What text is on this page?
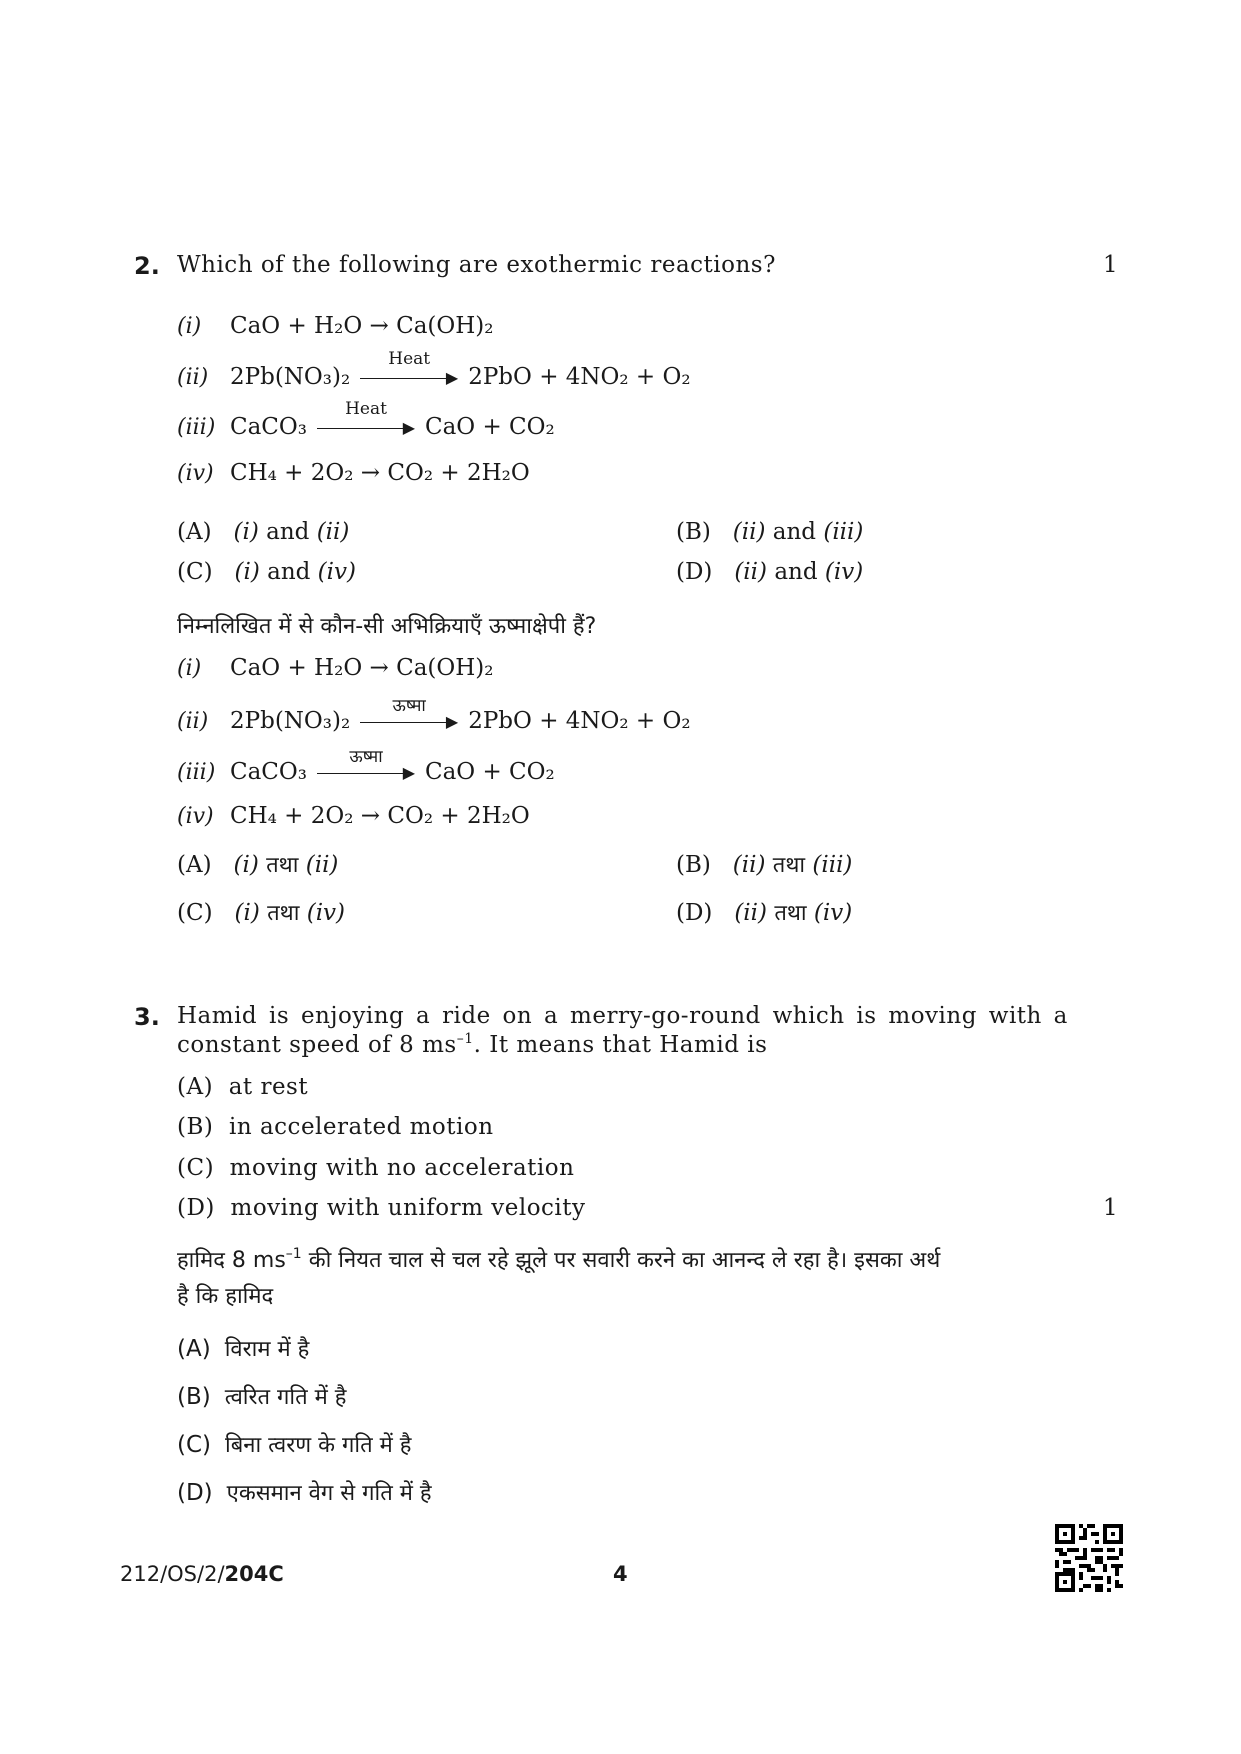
2. Which of the following are exothermic reactions?	1
(i) CaO + H₂O → Ca(OH)₂
(ii) 2Pb(NO₃)₂
Heat
▶ 2PbO + 4NO₂ + O₂
(iii) CaCO₃
Heat
▶ CaO + CO₂
(iv) CH₄ + 2O₂ → CO₂ + 2H₂O
(A) (i) and (ii)	(B) (ii) and (iii)
(C) (i) and (iv)	(D) (ii) and (iv)
निम्नलिखित में से कौन-सी अभिक्रियाएँ ऊष्माक्षेपी हैं?
(i) CaO + H₂O → Ca(OH)₂
(ii) 2Pb(NO₃)₂
ऊष्मा
▶ 2PbO + 4NO₂ + O₂
(iii) CaCO₃
ऊष्मा
▶ CaO + CO₂
(iv) CH₄ + 2O₂ → CO₂ + 2H₂O
(A) (i) तथा (ii)	(B) (ii) तथा (iii)
(C) (i) तथा (iv)	(D) (ii) तथा (iv)
3. Hamid is enjoying a ride on a merry-go-round which is moving with a
constant speed of 8 $ms^{-1}$. It means that Hamid is
(A) at rest
(B) in accelerated motion
(C) moving with no acceleration
(D) moving with uniform velocity	1
हामिद 8 $ms^{-1}$ की नियत चाल से चल रहे झूले पर सवारी करने का आनन्द ले रहा है। इसका अर्थ
है कि हामिद
(A) विराम में है
(B) त्वरित गति में है
(C) बिना त्वरण के गति में है
(D) एकसमान वेग से गति में है
212/OS/2/204C	4
